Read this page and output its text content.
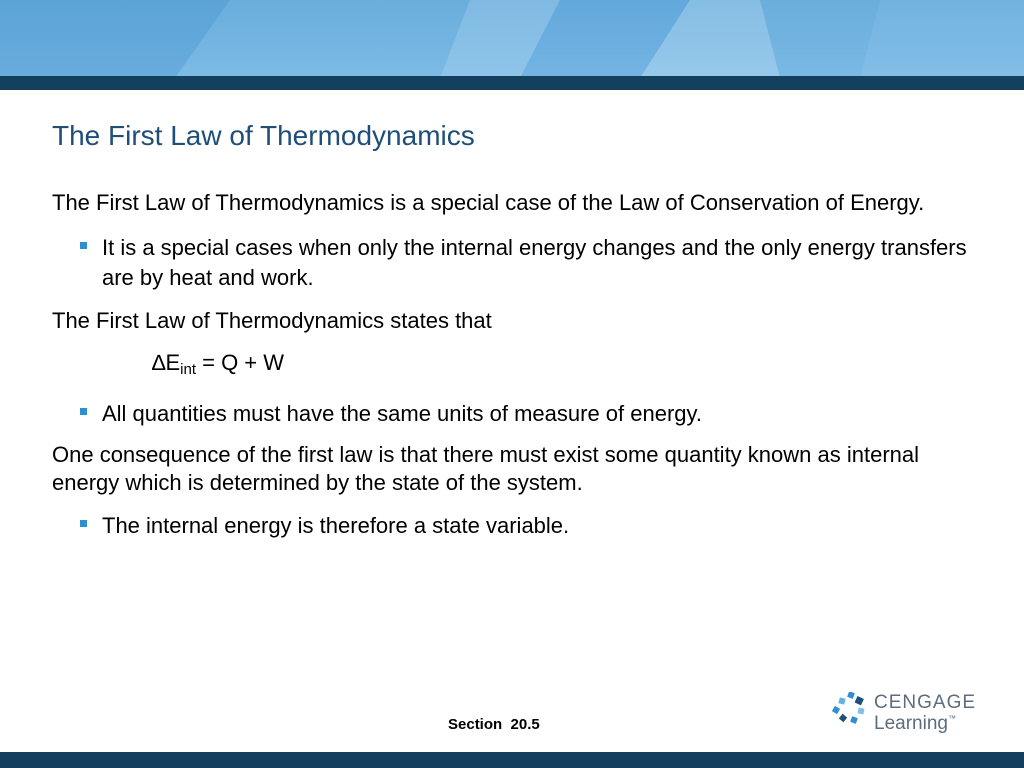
The First Law of Thermodynamics

The First Law of Thermodynamics is a special case of the Law of Conservation of Energy.

It is a special cases when only the internal energy changes and the only energy transfers are by heat and work.

The First Law of Thermodynamics states that

$\Delta E_{int} = Q + W$
All quantities must have the same units of measure of energy.

One consequence of the first law is that there must exist some quantity known as internal energy which is determined by the state of the system.

The internal energy is therefore a state variable.
Section  20.5
CENGAGE
Learning™
